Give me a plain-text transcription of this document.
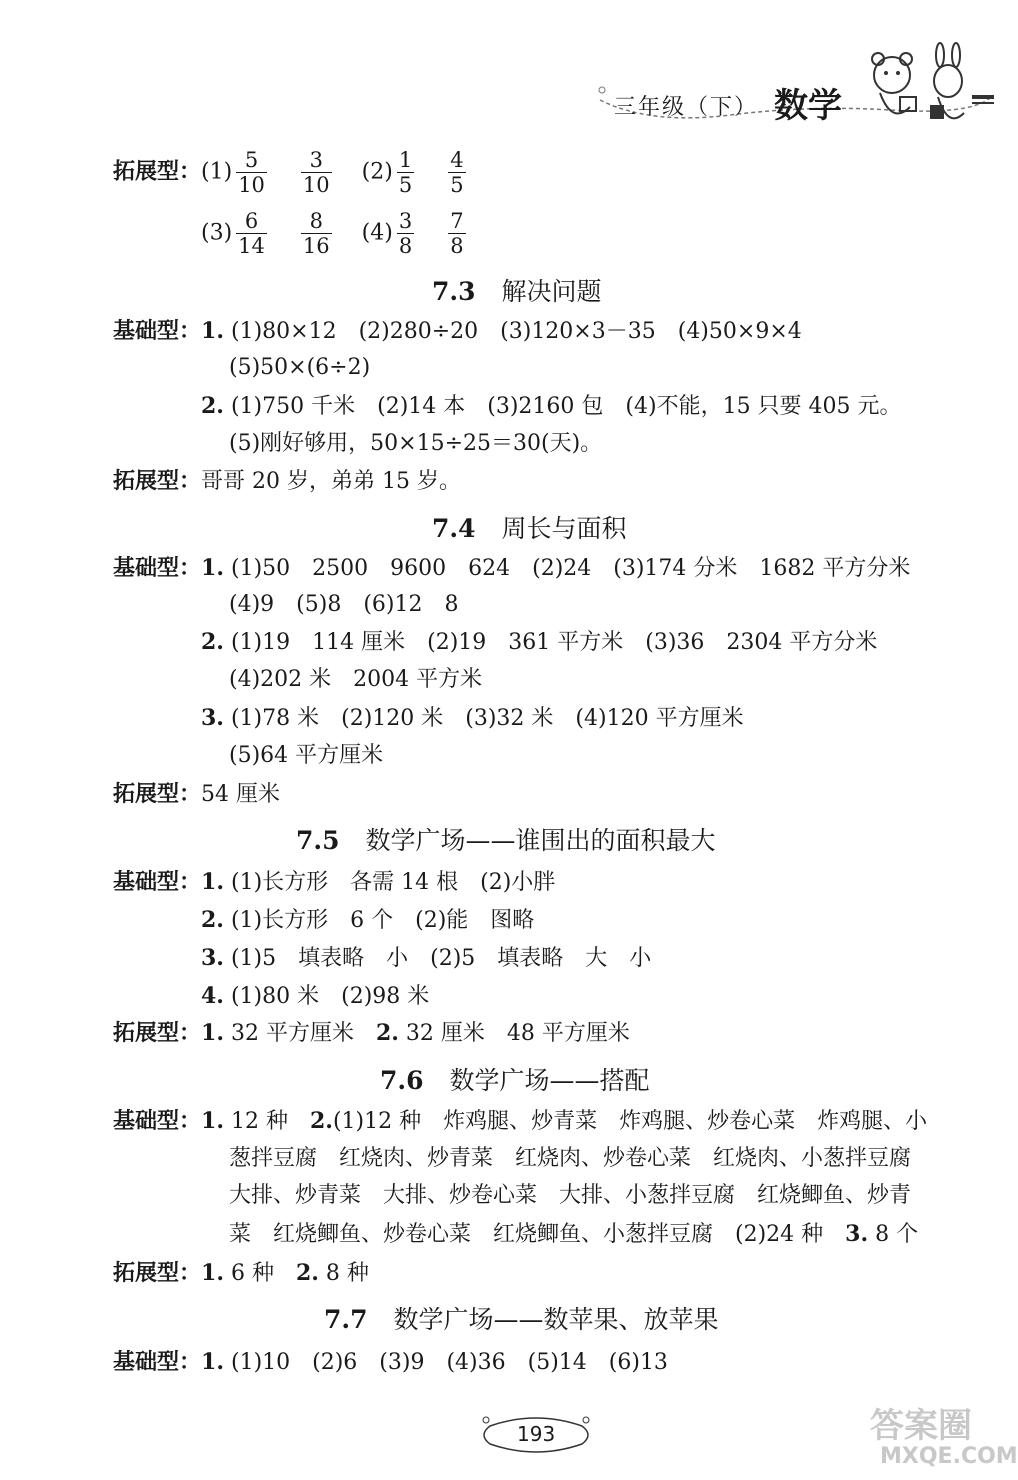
三年级（下） 数学
拓展型：$(1) \frac{5}{10} \frac{3}{10} (2) \frac{1}{5} \frac{4}{5}$
$(3) \frac{6}{14} \frac{8}{16} (4) \frac{3}{8} \frac{7}{8}$
7.3 解决问题
基础型：1. (1)80×12　(2)280÷20　(3)120×3－35　(4)50×9×4
(5)50×(6÷2)
2. (1)750 千米　(2)14 本　(3)2160 包　(4)不能，15 只要 405 元。
(5)刚好够用，50×15÷25＝30(天)。
拓展型：哥哥 20 岁，弟弟 15 岁。
7.4 周长与面积
基础型：1. (1)50　2500　9600　624　(2)24　(3)174 分米　1682 平方分米
(4)9　(5)8　(6)12　8
2. (1)19　114 厘米　(2)19　361 平方米　(3)36　2304 平方分米
(4)202 米　2004 平方米
3. (1)78 米　(2)120 米　(3)32 米　(4)120 平方厘米
(5)64 平方厘米
拓展型：54 厘米
7.5 数学广场——谁围出的面积最大
基础型：1. (1)长方形　各需 14 根　(2)小胖
2. (1)长方形　6 个　(2)能　图略
3. (1)5　填表略　小　(2)5　填表略　大　小
4. (1)80 米　(2)98 米
拓展型：1. 32 平方厘米　2. 32 厘米　48 平方厘米
7.6 数学广场——搭配
基础型：1. 12 种　2.(1)12 种　炸鸡腿、炒青菜　炸鸡腿、炒卷心菜　炸鸡腿、小
葱拌豆腐　红烧肉、炒青菜　红烧肉、炒卷心菜　红烧肉、小葱拌豆腐
大排、炒青菜　大排、炒卷心菜　大排、小葱拌豆腐　红烧鲫鱼、炒青
菜　红烧鲫鱼、炒卷心菜　红烧鲫鱼、小葱拌豆腐　(2)24 种　3. 8 个
拓展型：1. 6 种　2. 8 种
7.7 数学广场——数苹果、放苹果
基础型：1. (1)10　(2)6　(3)9　(4)36　(5)14　(6)13
193	答案圈
MXQE.COM
